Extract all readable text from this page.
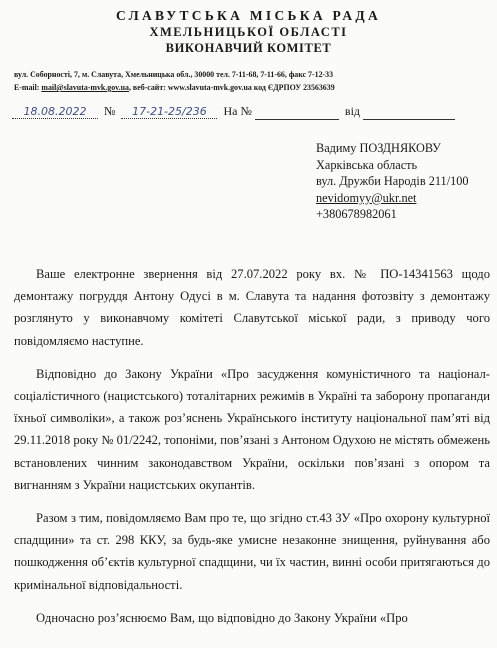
СЛАВУТСЬКА МІСЬКА РАДА
ХМЕЛЬНИЦЬКОЇ ОБЛАСТІ
ВИКОНАВЧИЙ КОМІТЕТ
вул. Соборності, 7, м. Славута, Хмельницька обл., 30000 тел. 7-11-68, 7-11-66, факс 7-12-33
E-mail: mail@slavuta-mvk.gov.ua, веб-сайт: www.slavuta-mvk.gov.ua код ЄДРПОУ 23563639
18.08.2022 № 17-21-25/236 На №	від
Вадиму ПОЗДНЯКОВУ
Харківська область
вул. Дружби Народів 211/100
nevidomyy@ukr.net
+380678982061

Ваше електронне звернення від 27.07.2022 року вх. № ПО-14341563 щодо демонтажу погруддя Антону Одусі в м. Славута та надання фотозвіту з демонтажу розглянуто у виконавчому комітеті Славутської міської ради, з приводу чого повідомляємо наступне.

Відповідно до Закону України «Про засудження комуністичного та націонал-соціалістичного (нацистського) тоталітарних режимів в Україні та заборону пропаганди їхньої символіки», а також роз’яснень Українського інституту національної пам’яті від 29.11.2018 року № 01/2242, топоніми, пов’язані з Антоном Одухою не містять обмежень встановлених чинним законодавством України, оскільки пов’язані з опором та вигнанням з України нацистських окупантів.

Разом з тим, повідомляємо Вам про те, що згідно ст.43 ЗУ «Про охорону культурної спадщини» та ст. 298 ККУ, за будь-яке умисне незаконне знищення, руйнування або пошкодження об’єктів культурної спадщини, чи їх частин, винні особи притягаються до кримінальної відповідальності.

Одночасно роз’яснюємо Вам, що відповідно до Закону України «Про
